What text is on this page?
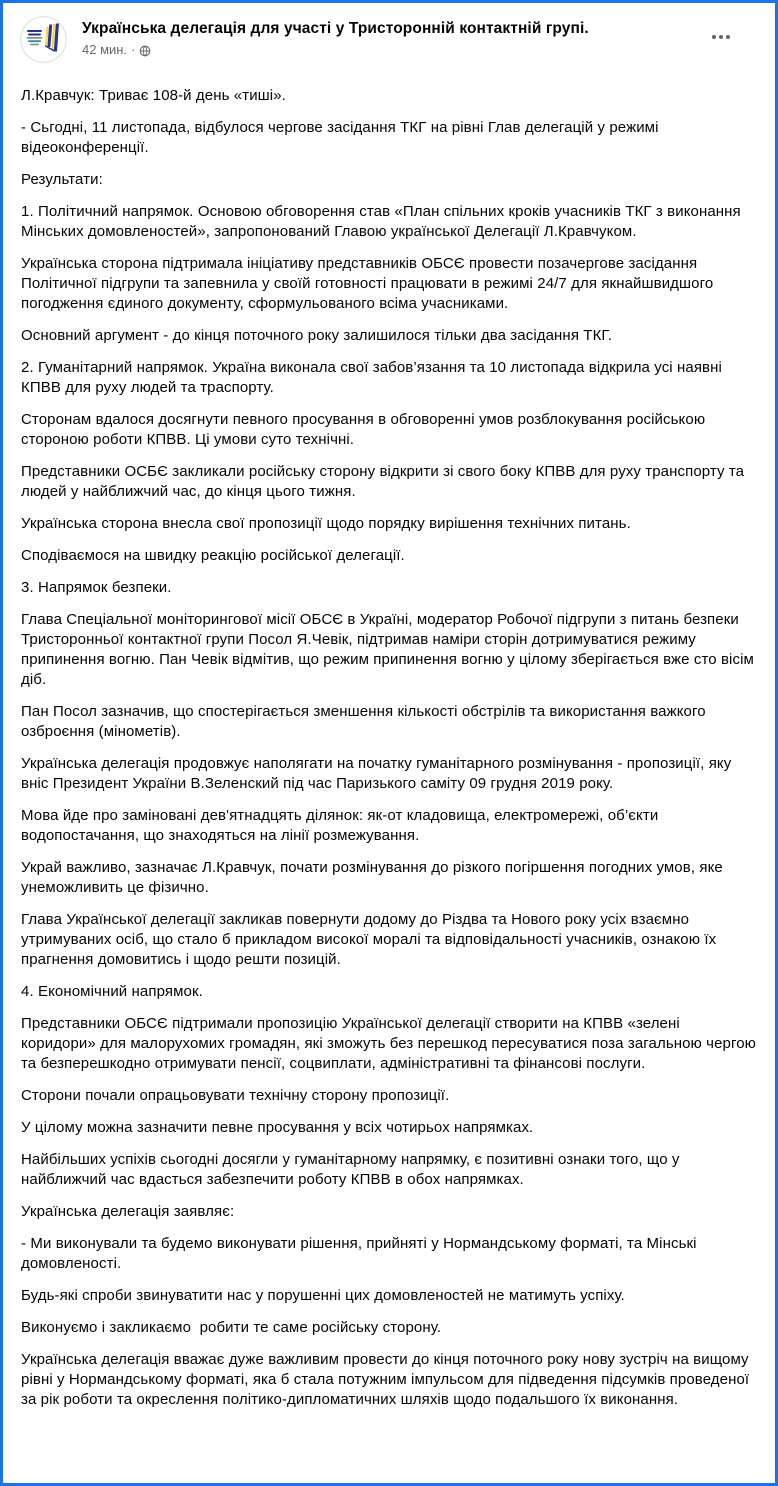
Українська делегація для участі у Тристоронній контактній групі.
42 мин. ·

Л.Кравчук: Триває 108-й день «тиші».

- Сьгодні, 11 листопада, відбулося чергове засідання ТКГ на рівні Глав делегацій у режимі відеоконференції.

Результати:

1. Політичний напрямок. Основою обговорення став «План спільних кроків учасників ТКГ з виконання Мінських домовленостей», запропонований Главою української Делегації Л.Кравчуком.

Українська сторона підтримала ініціативу представників ОБСЄ провести позачергове засідання Політичної підгрупи та запевнила у своїй готовності працювати в режимі 24/7 для якнайшвидшого погодження єдиного документу, сформульованого всіма учасниками.

Основний аргумент - до кінця поточного року залишилося тільки два засідання ТКГ.

2. Гуманітарний напрямок. Україна виконала свої забов’язання та 10 листопада відкрила усі наявні КПВВ для руху людей та траспорту.

Сторонам вдалося досягнути певного просування в обговоренні умов розблокування російською стороною роботи КПВВ. Ці умови суто технічні.

Представники ОСБЄ закликали російську сторону відкрити зі свого боку КПВВ для руху транспорту та людей у найближчий час, до кінця цього тижня.

Українська сторона внесла свої пропозиції щодо порядку вирішення технічних питань.

Сподіваємося на швидку реакцію російської делегації.

3. Напрямок безпеки.

Глава Спеціальної моніторингової місії ОБСЄ в Україні, модератор Робочої підгрупи з питань безпеки Тристоронньої контактної групи Посол Я.Чевік, підтримав наміри сторін дотримуватися режиму припинення вогню. Пан Чевік відмітив, що режим припинення вогню у цілому зберігається вже сто вісім діб.

Пан Посол зазначив, що спостерігається зменшення кількості обстрілів та використання важкого озброєння (мінометів).

Українська делегація продовжує наполягати на початку гуманітарного розмінування - пропозиції, яку вніс Президент України В.Зеленский під час Паризького саміту 09 грудня 2019 року.

Мова йде про заміновані дев'ятнадцять ділянок: як-от кладовища, електромережі, об’єкти водопостачання, що знаходяться на лінії розмежування.

Украй важливо, зазначає Л.Кравчук, почати розмінування до різкого погіршення погодних умов, яке унеможливить це фізично.

Глава Української делегації закликав повернути додому до Різдва та Нового року усіх взаємно утримуваних осіб, що стало б прикладом високої моралі та відповідальності учасників, ознакою їх прагнення домовитись і щодо решти позицій.

4. Економічний напрямок.

Представники ОБСЄ підтримали пропозицію Української делегації створити на КПВВ «зелені коридори» для малорухомих громадян, які зможуть без перешкод пересуватися поза загальною чергою та безперешкодно отримувати пенсії, соцвиплати, адміністративні та фінансові послуги.

Сторони почали опрацьовувати технічну сторону пропозиції.

У цілому можна зазначити певне просування у всіх чотирьох напрямках.

Найбільших успіхів сьогодні досягли у гуманітарному напрямку, є позитивні ознаки того, що у найближчий час вдасться забезпечити роботу КПВВ в обох напрямках.

Українська делегація заявляє:

- Ми виконували та будемо виконувати рішення, прийняті у Нормандському форматі, та Мінські домовленості.

Будь-які спроби звинуватити нас у порушенні цих домовленостей не матимуть успіху.

Виконуємо і закликаємо  робити те саме російську сторону.

Українська делегація вважає дуже важливим провести до кінця поточного року нову зустріч на вищому рівні у Нормандському форматі, яка б стала потужним імпульсом для підведення підсумків проведеної за рік роботи та окреслення політико-дипломатичних шляхів щодо подальшого їх виконання.
